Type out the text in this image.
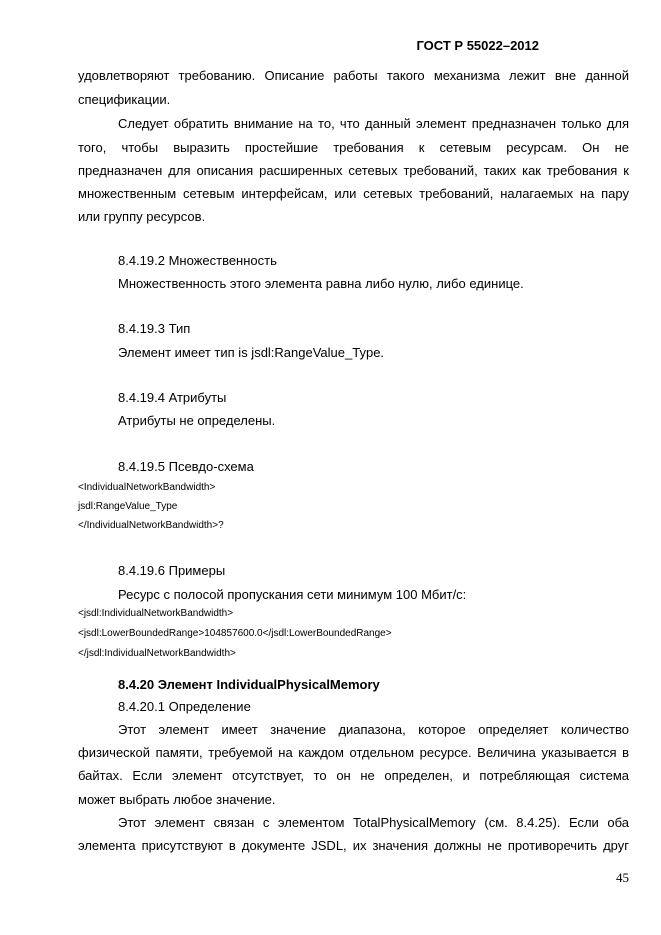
ГОСТ Р 55022–2012
удовлетворяют требованию. Описание работы такого механизма лежит вне данной
спецификации.
Следует обратить внимание на то, что данный элемент предназначен только для
того, чтобы выразить простейшие требования к сетевым ресурсам. Он не
предназначен для описания расширенных сетевых требований, таких как требования к
множественным сетевым интерфейсам, или сетевых требований, налагаемых на пару
или группу ресурсов.
8.4.19.2 Множественность
Множественность этого элемента равна либо нулю, либо единице.
8.4.19.3 Тип
Элемент имеет тип is jsdl:RangeValue_Type.
8.4.19.4 Атрибуты
Атрибуты не определены.
8.4.19.5 Псевдо-схема
<IndividualNetworkBandwidth>
jsdl:RangeValue_Type
</IndividualNetworkBandwidth>?
8.4.19.6 Примеры
Ресурс с полосой пропускания сети минимум 100 Мбит/с:
<jsdl:IndividualNetworkBandwidth>
<jsdl:LowerBoundedRange>104857600.0</jsdl:LowerBoundedRange>
</jsdl:IndividualNetworkBandwidth>
8.4.20 Элемент IndividualPhysicalMemory
8.4.20.1 Определение
Этот элемент имеет значение диапазона, которое определяет количество
физической памяти, требуемой на каждом отдельном ресурсе. Величина указывается в
байтах. Если элемент отсутствует, то он не определен, и потребляющая система
может выбрать любое значение.
Этот элемент связан с элементом TotalPhysicalMemory (см. 8.4.25). Если оба
элемента присутствуют в документе JSDL, их значения должны не противоречить друг
45
